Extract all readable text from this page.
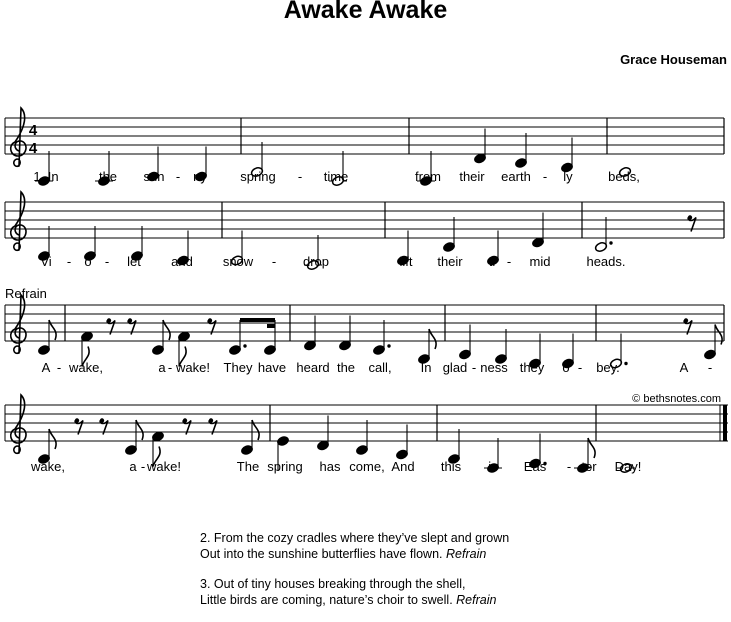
Awake Awake
Grace Houseman
Refrain
© bethsnotes.com
4
4
1. In	the sun - ny	spring - time	from their earth - ly	beds,
Vi - o - let and snow - drop	lift their ti - mid	heads.
A - wake,	a - wake! They have heard the call, In glad - ness they o - bey.	A -
wake,	a - wake!	The spring has come, And this is Eas - ter Day!

2. From the cozy cradles where they’ve slept and grown
Out into the sunshine butterflies have flown. Refrain

3. Out of tiny houses breaking through the shell,
Little birds are coming, nature’s choir to swell. Refrain
